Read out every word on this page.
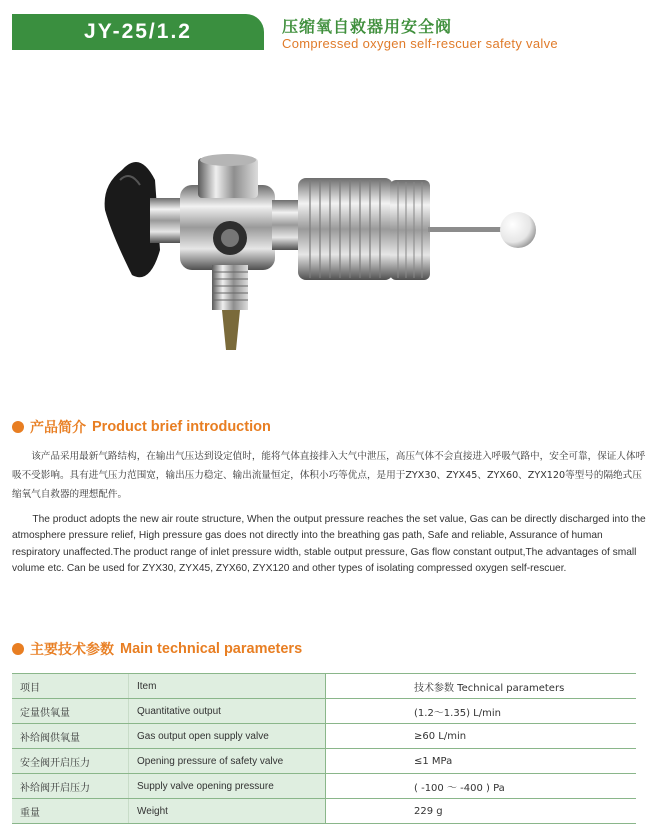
JY-25/1.2	压缩氧自救器用安全阀
Compressed oxygen self-rescuer safety valve
产品简介 Product brief introduction

该产品采用最新气路结构，在输出气压达到设定值时，能将气体直接排入大气中泄压，高压气体不会直接进入呼吸气路中，安全可靠，保证人体呼吸不受影响。具有进气压力范围宽，输出压力稳定、输出流量恒定，体积小巧等优点，是用于ZYX30、ZYX45、ZYX60、ZYX120等型号的隔绝式压缩氧气自救器的理想配件。

The product adopts the new air route structure, When the output pressure reaches the set value, Gas can be directly discharged into the atmosphere pressure relief, High pressure gas does not directly into the breathing gas path, Safe and reliable, Assurance of human respiratory unaffected.The product range of inlet pressure width, stable output pressure, Gas flow constant output,The advantages of small volume etc. Can be used for ZYX30, ZYX45, ZYX60, ZYX120 and other types of isolating compressed oxygen self-rescuer.

主要技术参数 Main technical parameters
项目	Item	技术参数 Technical parameters
定量供氧量	Quantitative output	(1.2～1.35) L/min
补给阀供氧量	Gas output open supply valve	≥60 L/min
安全阀开启压力	Opening pressure of safety valve	≤1 MPa
补给阀开启压力	Supply valve opening pressure	( -100 ～ -400 ) Pa
重量	Weight	229 g
